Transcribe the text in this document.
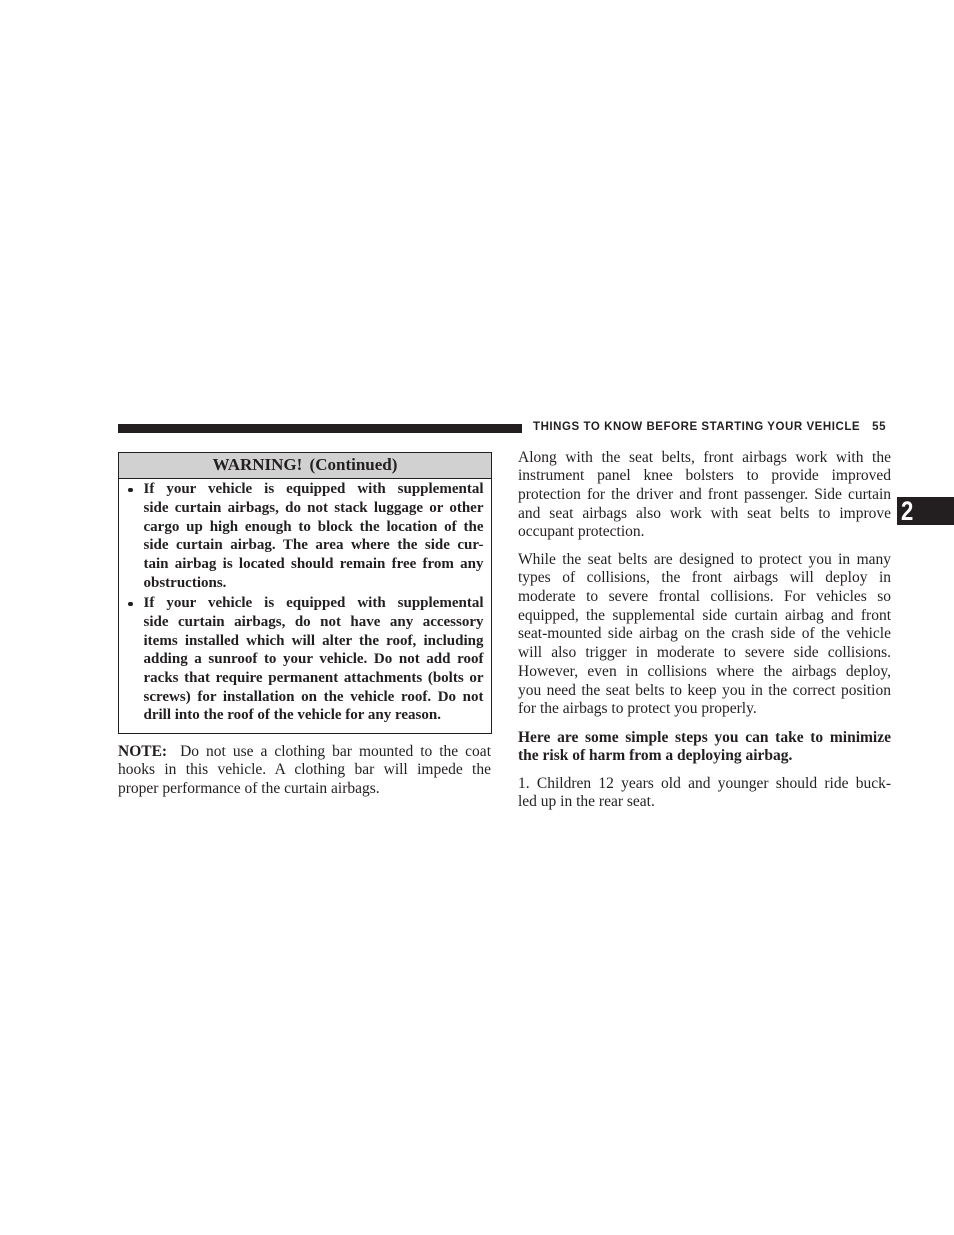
THINGS TO KNOW BEFORE STARTING YOUR VEHICLE 55
2
WARNING! (Continued)
If your vehicle is equipped with supplemental
side curtain airbags, do not stack luggage or other
cargo up high enough to block the location of the
side curtain airbag. The area where the side cur-
tain airbag is located should remain free from any
obstructions.
If your vehicle is equipped with supplemental
side curtain airbags, do not have any accessory
items installed which will alter the roof, including
adding a sunroof to your vehicle. Do not add roof
racks that require permanent attachments (bolts or
screws) for installation on the vehicle roof. Do not
drill into the roof of the vehicle for any reason.
NOTE: Do not use a clothing bar mounted to the coat
hooks in this vehicle. A clothing bar will impede the
proper performance of the curtain airbags.
Along with the seat belts, front airbags work with the
instrument panel knee bolsters to provide improved
protection for the driver and front passenger. Side curtain
and seat airbags also work with seat belts to improve
occupant protection.
While the seat belts are designed to protect you in many
types of collisions, the front airbags will deploy in
moderate to severe frontal collisions. For vehicles so
equipped, the supplemental side curtain airbag and front
seat-mounted side airbag on the crash side of the vehicle
will also trigger in moderate to severe side collisions.
However, even in collisions where the airbags deploy,
you need the seat belts to keep you in the correct position
for the airbags to protect you properly.
Here are some simple steps you can take to minimize
the risk of harm from a deploying airbag.
1. Children 12 years old and younger should ride buck-
led up in the rear seat.
